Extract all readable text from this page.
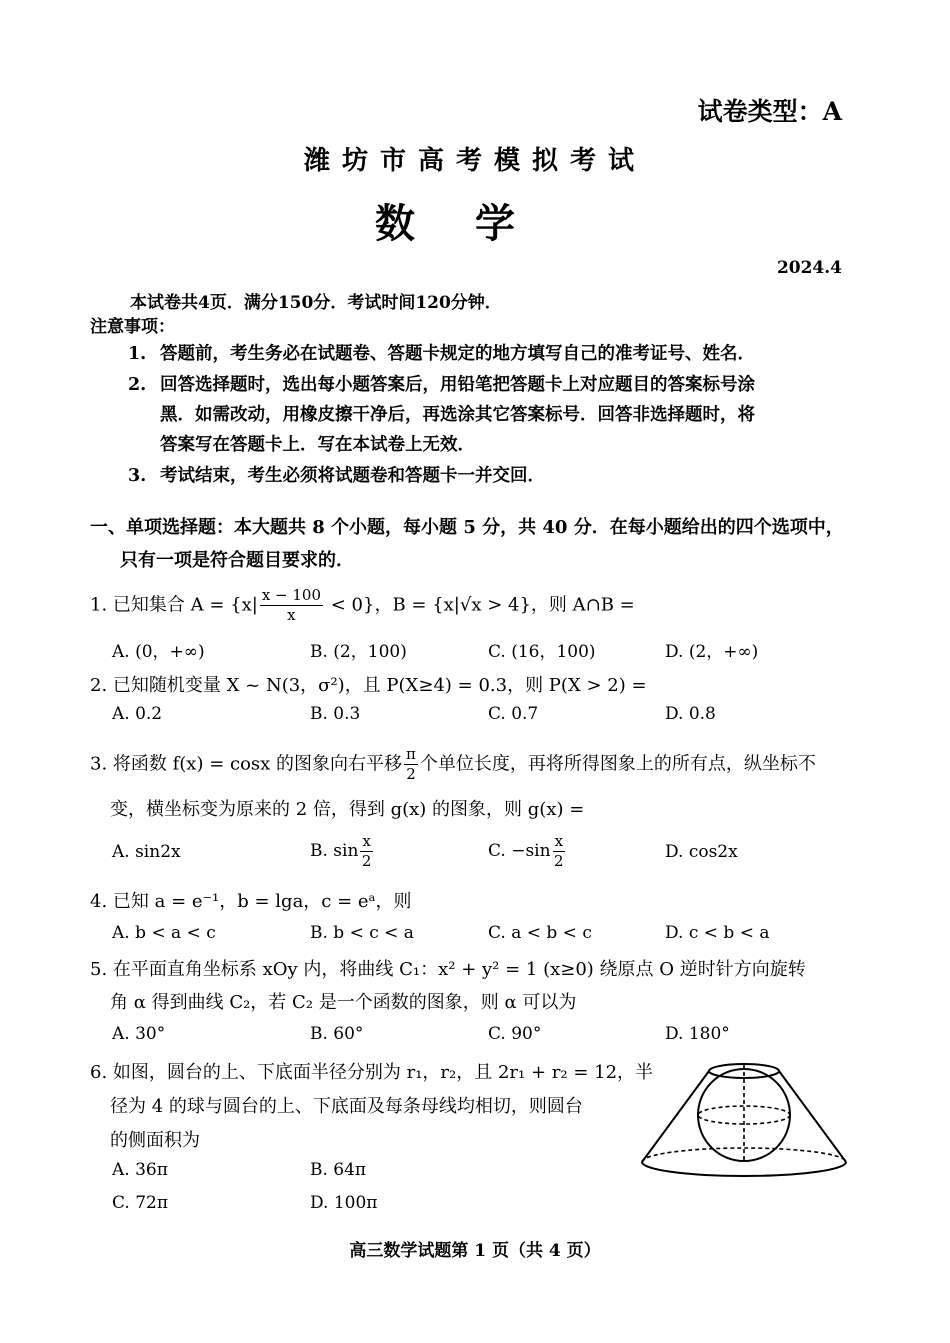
试卷类型：A
潍坊市高考模拟考试
数学
2024.4
本试卷共4页．满分150分．考试时间120分钟．
注意事项：
1. 答题前，考生务必在试题卷、答题卡规定的地方填写自己的准考证号、姓名．
2. 回答选择题时，选出每小题答案后，用铅笔把答题卡上对应题目的答案标号涂
黑．如需改动，用橡皮擦干净后，再选涂其它答案标号．回答非选择题时，将
答案写在答题卡上．写在本试卷上无效．
3. 考试结束，考生必须将试题卷和答题卡一并交回．
一、单项选择题：本大题共 8 个小题，每小题 5 分，共 40 分．在每小题给出的四个选项中，
只有一项是符合题目要求的．
1. 已知集合 $A = \{x| \frac{x - 100}{x} < 0\}$，B = {x|√x > 4}，则 A∩B =
A. (0，+∞)	B. (2，100)	C. (16，100)	D. (2，+∞)
2. 已知随机变量 X ~ N(3，σ²)，且 P(X≥4) = 0.3，则 P(X > 2) =
A. 0.2	B. 0.3	C. 0.7	D. 0.8
3. 将函数 f(x) = cosx 的图象向右平移 $\frac{\pi}{2}$ 个单位长度，再将所得图象上的所有点，纵坐标不
变，横坐标变为原来的 2 倍，得到 g(x) 的图象，则 g(x) =
A. sin2x	B. $\sin \frac{x}{2}$	C. $-\sin \frac{x}{2}$	D. cos2x
4. 已知 a = e⁻¹，b = lga，c = eᵃ，则
A. b < a < c	B. b < c < a	C. a < b < c	D. c < b < a
5. 在平面直角坐标系 xOy 内，将曲线 C₁：x² + y² = 1 (x≥0) 绕原点 O 逆时针方向旋转
角 α 得到曲线 C₂，若 C₂ 是一个函数的图象，则 α 可以为
A. 30°	B. 60°	C. 90°	D. 180°
6. 如图，圆台的上、下底面半径分别为 r₁，r₂，且 2r₁ + r₂ = 12，半
径为 4 的球与圆台的上、下底面及每条母线均相切，则圆台
的侧面积为
A. 36π	B. 64π
C. 72π	D. 100π
高三数学试题第 1 页（共 4 页）
